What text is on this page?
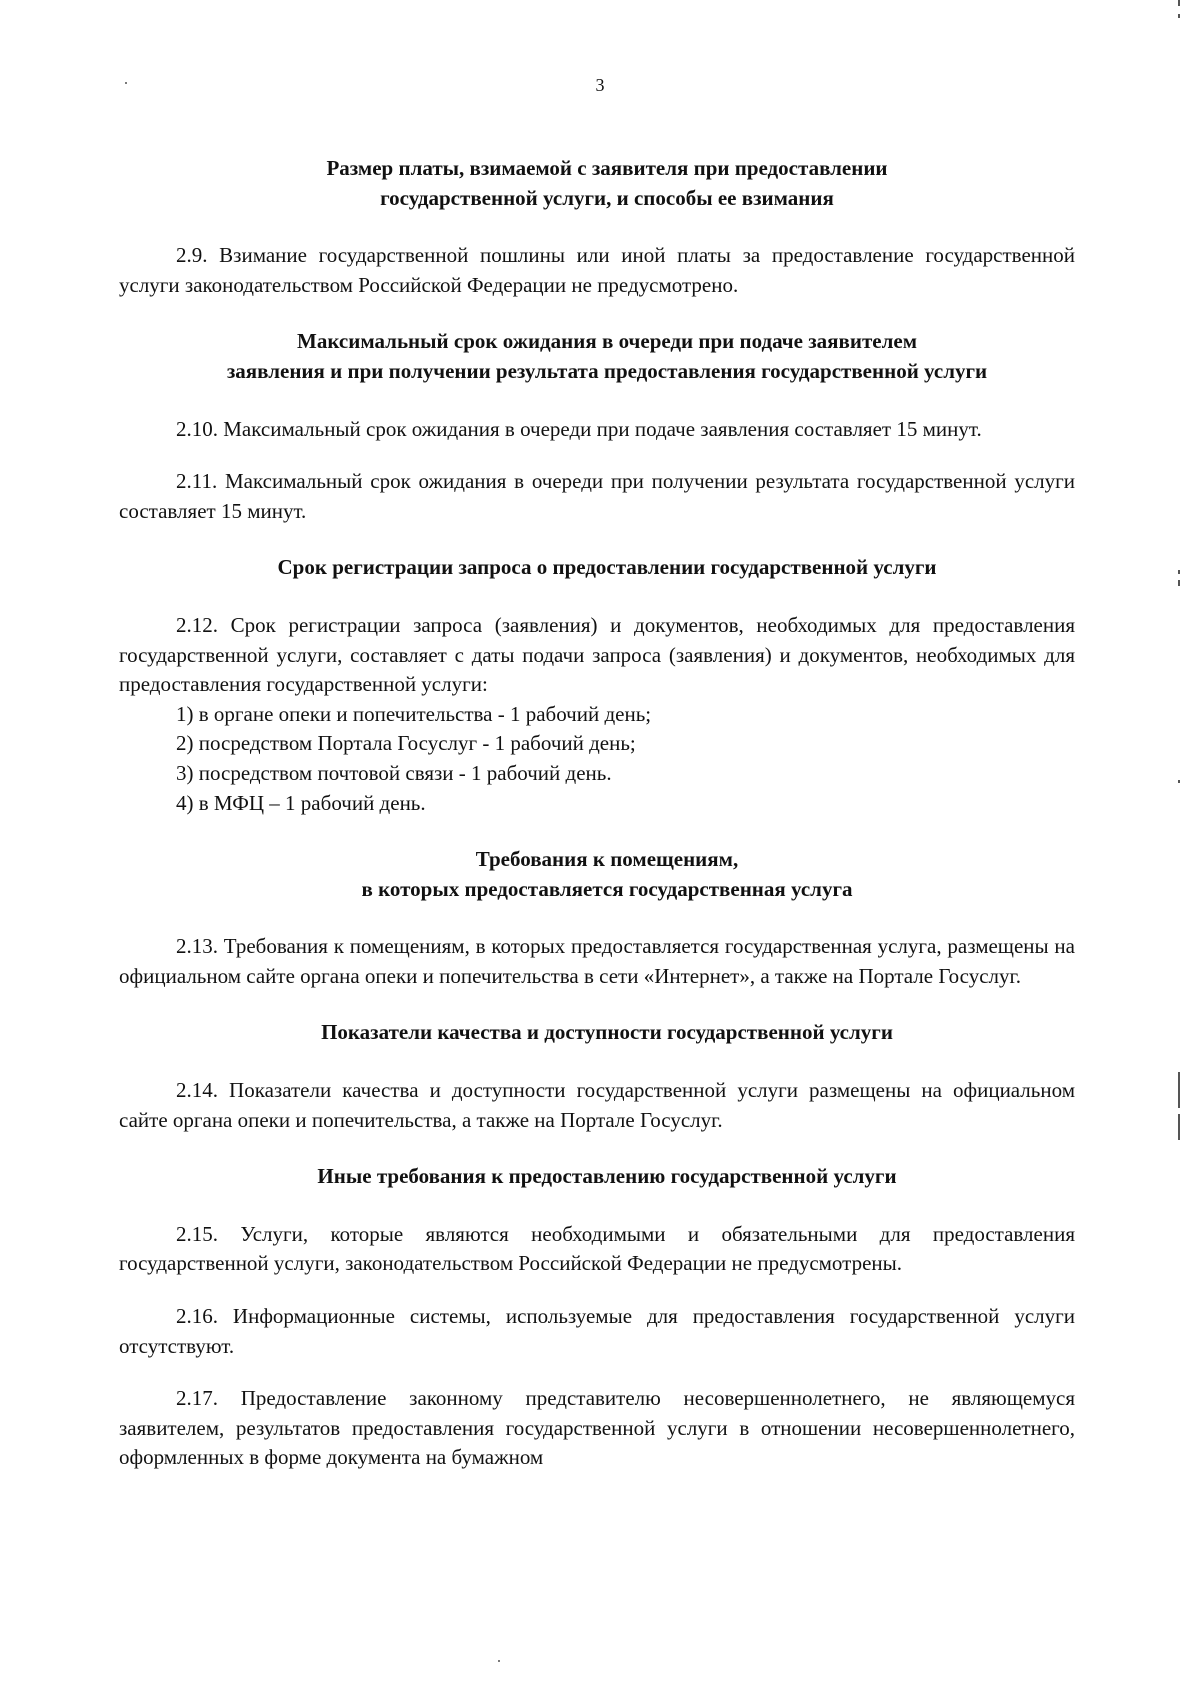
3

Размер платы, взимаемой с заявителя при предоставлении

государственной услуги, и способы ее взимания

2.9. Взимание государственной пошлины или иной платы за предоставление государственной услуги законодательством Российской Федерации не предусмотрено.

Максимальный срок ожидания в очереди при подаче заявителем

заявления и при получении результата предоставления государственной услуги

2.10. Максимальный срок ожидания в очереди при подаче заявления составляет 15 минут.

2.11. Максимальный срок ожидания в очереди при получении результата государственной услуги составляет 15 минут.

Срок регистрации запроса о предоставлении государственной услуги

2.12. Срок регистрации запроса (заявления) и документов, необходимых для предоставления государственной услуги, составляет с даты подачи запроса (заявления) и документов, необходимых для предоставления государственной услуги:

1) в органе опеки и попечительства - 1 рабочий день;

2) посредством Портала Госуслуг - 1 рабочий день;

3) посредством почтовой связи - 1 рабочий день.

4) в МФЦ – 1 рабочий день.

Требования к помещениям,

в которых предоставляется государственная услуга

2.13. Требования к помещениям, в которых предоставляется государственная услуга, размещены на официальном сайте органа опеки и попечительства в сети «Интернет», а также на Портале Госуслуг.

Показатели качества и доступности государственной услуги

2.14. Показатели качества и доступности государственной услуги размещены на официальном сайте органа опеки и попечительства, а также на Портале Госуслуг.

Иные требования к предоставлению государственной услуги

2.15. Услуги, которые являются необходимыми и обязательными для предоставления государственной услуги, законодательством Российской Федерации не предусмотрены.

2.16. Информационные системы, используемые для предоставления государственной услуги отсутствуют.

2.17. Предоставление законному представителю несовершеннолетнего, не являющемуся заявителем, результатов предоставления государственной услуги в отношении несовершеннолетнего, оформленных в форме документа на бумажном
